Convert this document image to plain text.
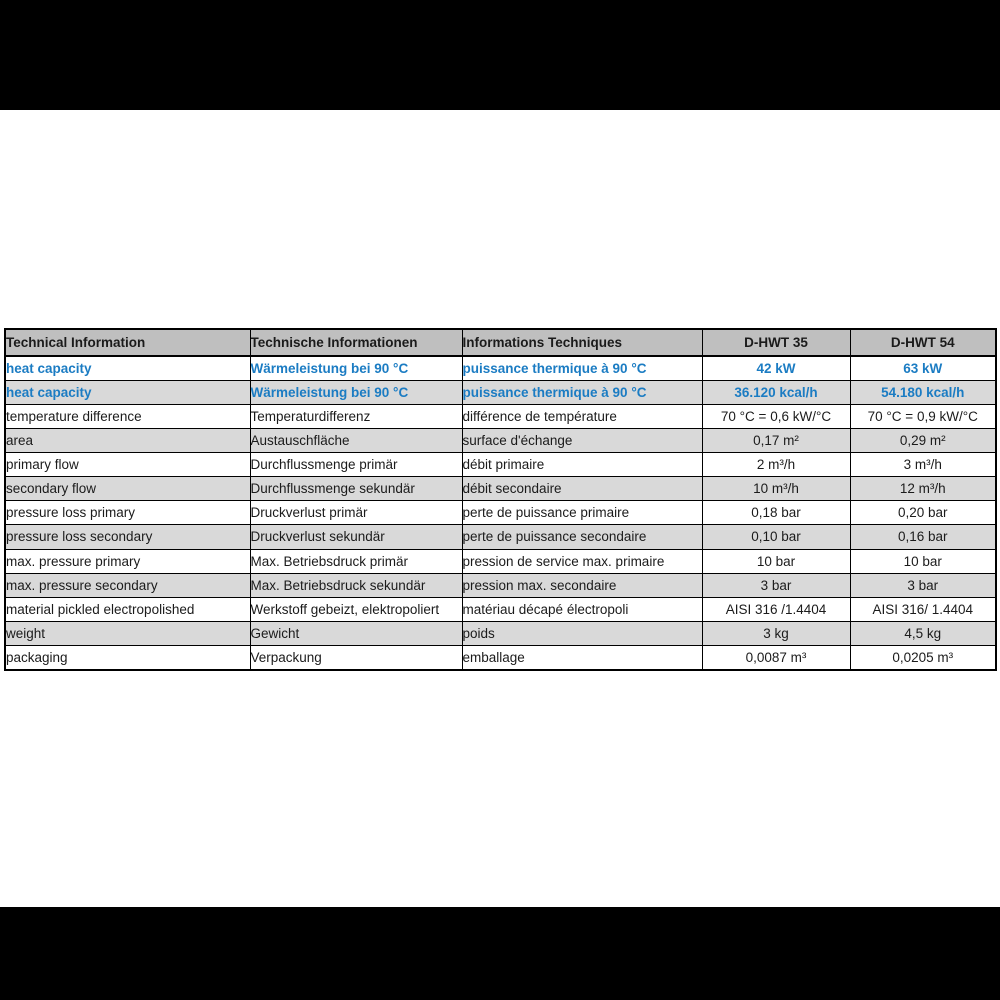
Technical Information	Technische Informationen	Informations Techniques	D-HWT 35	D-HWT 54
heat capacity	Wärmeleistung bei 90 °C	puissance thermique à 90 °C	42 kW	63 kW
heat capacity	Wärmeleistung bei 90 °C	puissance thermique à 90 °C	36.120 kcal/h	54.180 kcal/h
temperature difference	Temperaturdifferenz	différence de température	70 °C = 0,6 kW/°C	70 °C = 0,9 kW/°C
area	Austauschfläche	surface d'échange	0,17 m²	0,29 m²
primary flow	Durchflussmenge primär	débit primaire	2 m³/h	3 m³/h
secondary flow	Durchflussmenge sekundär	débit secondaire	10 m³/h	12 m³/h
pressure loss primary	Druckverlust primär	perte de puissance primaire	0,18 bar	0,20 bar
pressure loss secondary	Druckverlust sekundär	perte de puissance secondaire	0,10 bar	0,16 bar
max. pressure primary	Max. Betriebsdruck primär	pression de service max. primaire	10 bar	10 bar
max. pressure secondary	Max. Betriebsdruck sekundär	pression max. secondaire	3 bar	3 bar
material pickled electropolished	Werkstoff gebeizt, elektropoliert	matériau décapé électropoli	AISI 316 /1.4404	AISI 316/ 1.4404
weight	Gewicht	poids	3 kg	4,5 kg
packaging	Verpackung	emballage	0,0087 m³	0,0205 m³
